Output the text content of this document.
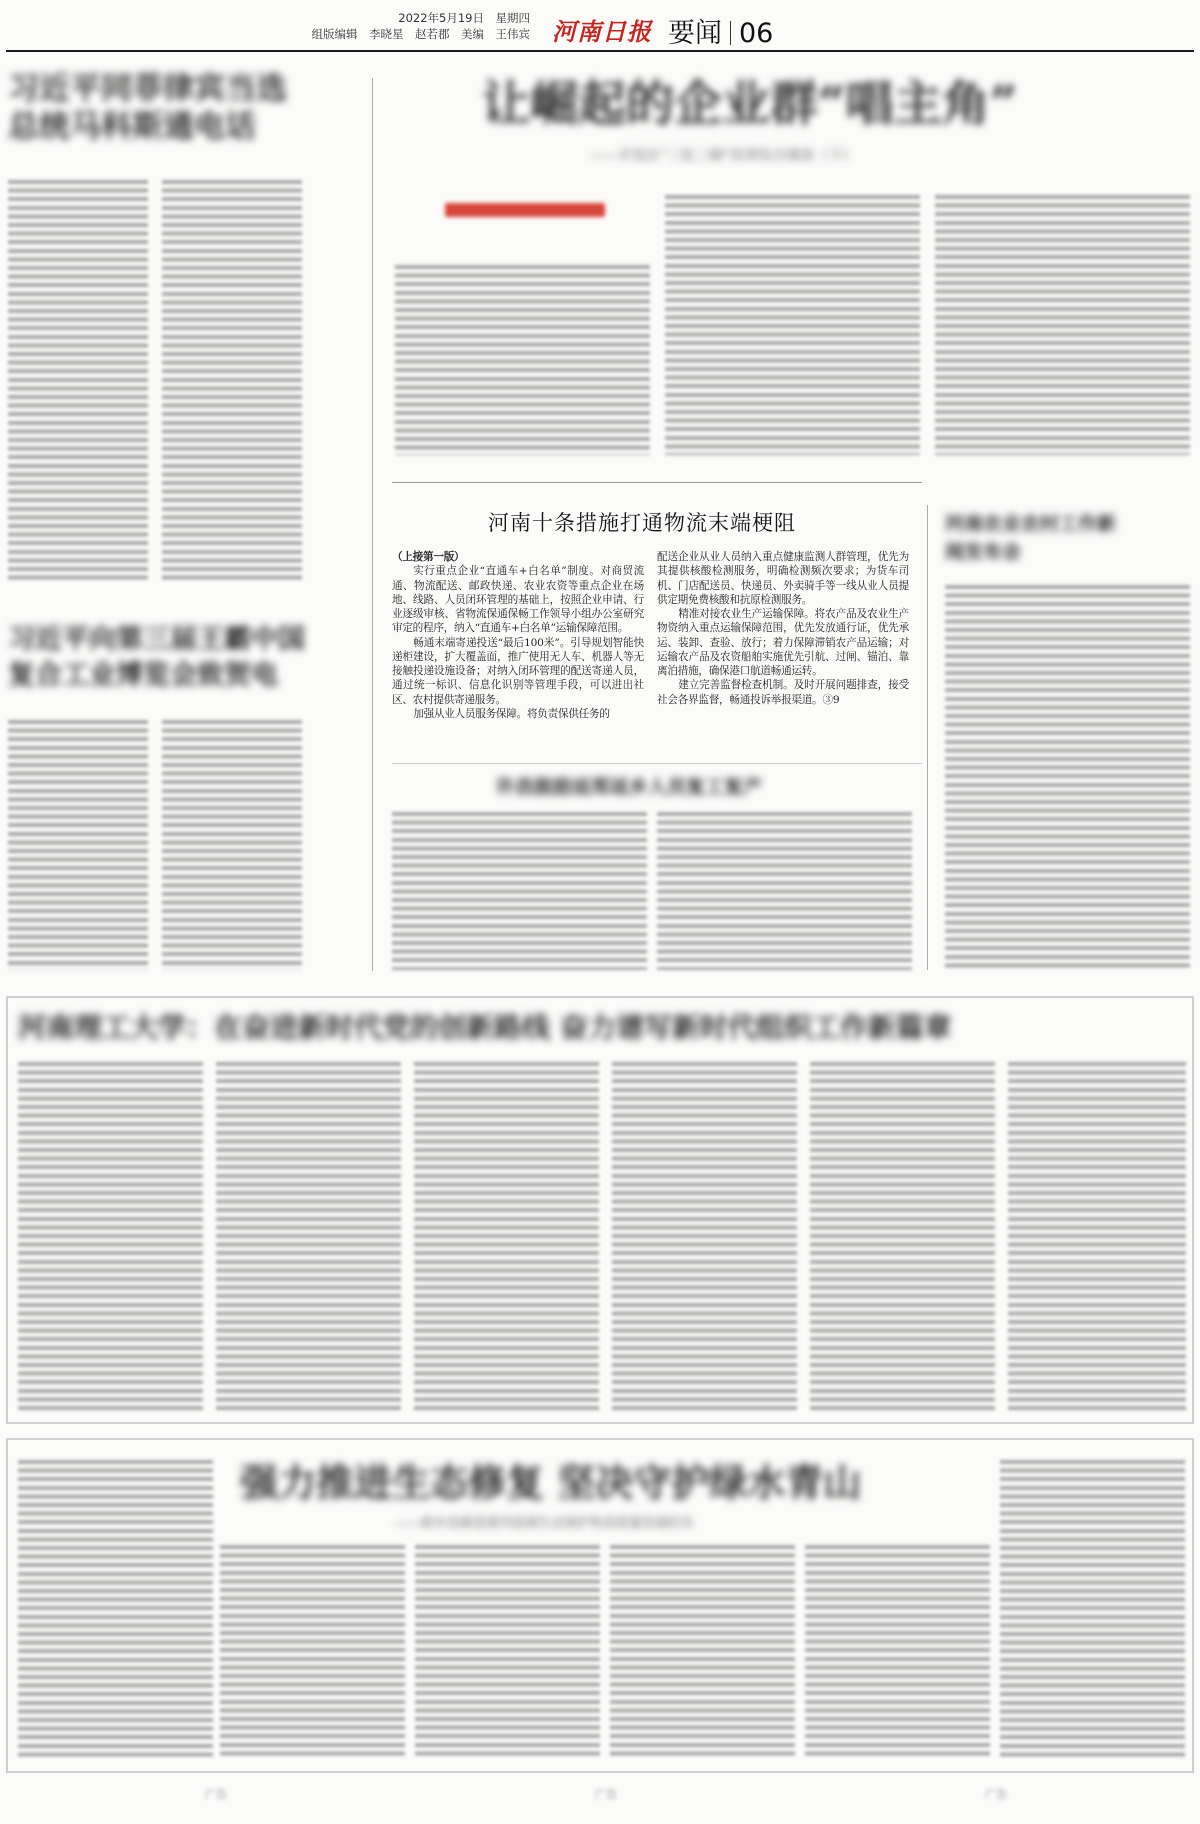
2022年5月19日　星期四
组版编辑　李晓星　赵若郡　美编　王伟宾 河南日报 要闻 06
习近平同菲律宾当选总统马科斯通电话
习近平向第三届王霸中国复合工业博览会致贺电
让崛起的企业群“唱主角”
——开发区“三化三制”改革综合调查（下）
河南十条措施打通物流末端梗阻

（上接第一版）

实行重点企业“直通车+白名单”制度。对商贸流通、物流配送、邮政快递、农业农资等重点企业在场地、线路、人员闭环管理的基础上，按照企业申请、行业逐级审核、省物流保通保畅工作领导小组办公室研究审定的程序，纳入“直通车+白名单”运输保障范围。

畅通末端寄递投送“最后100米”。引导规划智能快递柜建设，扩大覆盖面，推广使用无人车、机器人等无接触投递设施设备；对纳入闭环管理的配送寄递人员，通过统一标识、信息化识别等管理手段，可以进出社区、农村提供寄递服务。

加强从业人员服务保障。将负责保供任务的

配送企业从业人员纳入重点健康监测人群管理，优先为其提供核酸检测服务，明确检测频次要求；为货车司机、门店配送员、快递员、外卖骑手等一线从业人员提供定期免费核酸和抗原检测服务。

精准对接农业生产运输保障。将农产品及农业生产物资纳入重点运输保障范围，优先发放通行证，优先承运、装卸、查验、放行；着力保障滞销农产品运输；对运输农产品及农资船舶实施优先引航、过闸、锚泊、靠离泊措施，确保港口航道畅通运转。

建立完善监督检查机制。及时开展问题排查，接受社会各界监督，畅通投诉举报渠道。③9

许昌鼓励返郑返乡人员复工复产
河南农业农村工作新闻发布会
河南理工大学：在奋进新时代党的创新路线 奋力谱写新时代组织工作新篇章
强力推进生态修复 坚决守护绿水青山
——新乡县推进黄河流域生态保护和高质量发展纪实
广告	广告	广告
